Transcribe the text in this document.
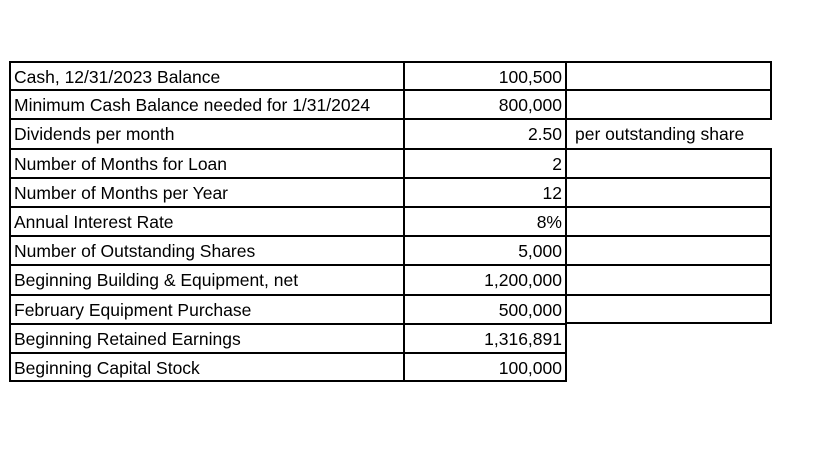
Cash, 12/31/2023 Balance	100,500
Minimum Cash Balance needed for 1/31/2024	800,000
Dividends per month	2.50 per outstanding share
Number of Months for Loan	2
Number of Months per Year	12
Annual Interest Rate	8%
Number of Outstanding Shares	5,000
Beginning Building & Equipment, net	1,200,000
February Equipment Purchase	500,000
Beginning Retained Earnings	1,316,891
Beginning Capital Stock	100,000
